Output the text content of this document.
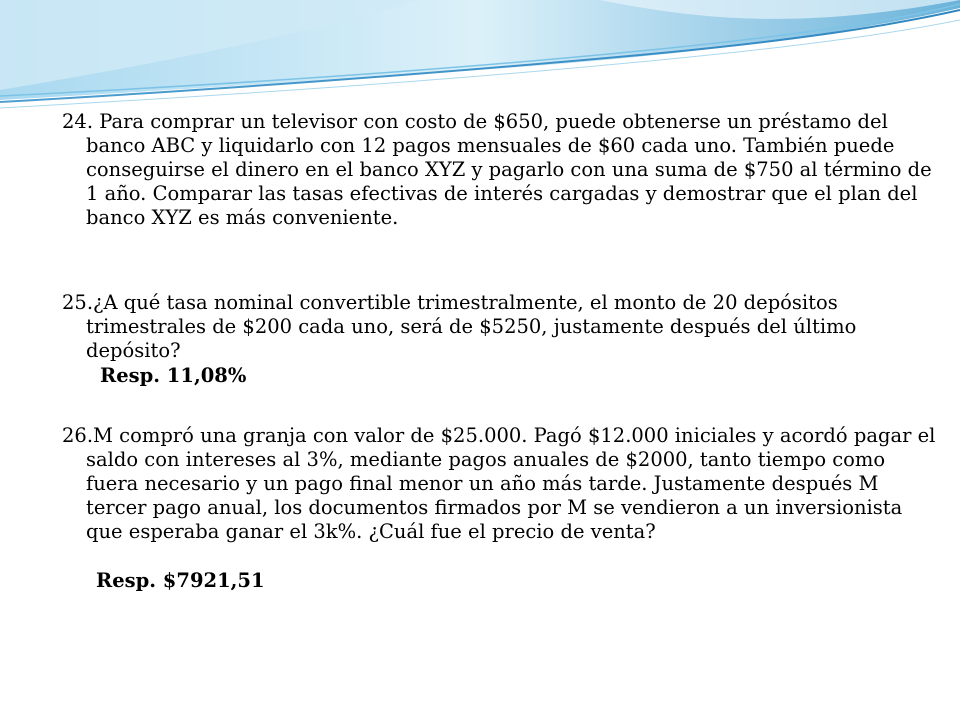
24. Para comprar un televisor con costo de $650, puede obtenerse un préstamo del banco ABC y liquidarlo con 12 pagos mensuales de $60 cada uno. También puede conseguirse el dinero en el banco XYZ y pagarlo con una suma de $750 al término de 1 año. Comparar las tasas efectivas de interés cargadas y demostrar que el plan del banco XYZ es más conveniente.

25.¿A qué tasa nominal convertible trimestralmente, el monto de 20 depósitos trimestrales de $200 cada uno, será de $5250, justamente después del último depósito?

Resp. 11,08%

26.M compró una granja con valor de $25.000. Pagó $12.000 iniciales y acordó pagar el saldo con intereses al 3%, mediante pagos anuales de $2000, tanto tiempo como fuera necesario y un pago final menor un año más tarde. Justamente después M tercer pago anual, los documentos firmados por M se vendieron a un inversionista que esperaba ganar el 3k%. ¿Cuál fue el precio de venta?

Resp. $7921,51
